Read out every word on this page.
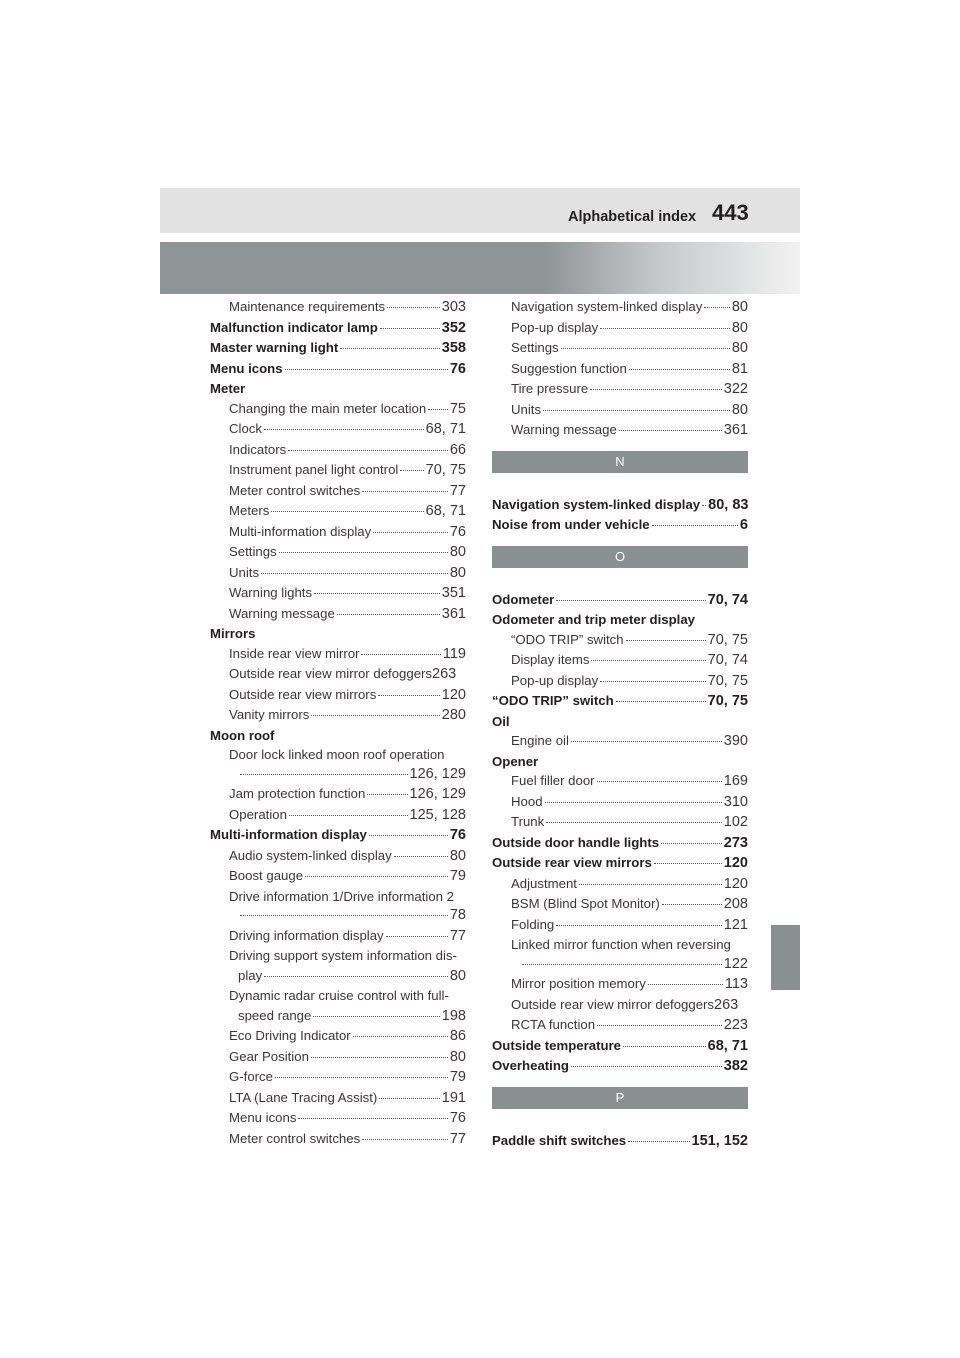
Alphabetical index 443
Maintenance requirements	303
Malfunction indicator lamp	352
Master warning light	358
Menu icons	76
Meter
Changing the main meter location 75
Clock	68, 71
Indicators	66
Instrument panel light control 70, 75
Meter control switches	77
Meters	68, 71
Multi-information display	76
Settings	80
Units	80
Warning lights	351
Warning message	361
Mirrors
Inside rear view mirror	119
Outside rear view mirror defoggers 263
Outside rear view mirrors	120
Vanity mirrors	280
Moon roof
Door lock linked moon roof operation
126, 129
Jam protection function	126, 129
Operation	125, 128
Multi-information display	76
Audio system-linked display	80
Boost gauge	79
Drive information 1/Drive information 2
78
Driving information display	77
Driving support system information dis-
play	80
Dynamic radar cruise control with full-
speed range	198
Eco Driving Indicator	86
Gear Position	80
G-force	79
LTA (Lane Tracing Assist)	191
Menu icons	76
Meter control switches	77
Navigation system-linked display 80
Pop-up display	80
Settings	80
Suggestion function	81
Tire pressure	322
Units	80
Warning message	361
N
Navigation system-linked display 80, 83
Noise from under vehicle	6
O
Odometer	70, 74
Odometer and trip meter display
“ODO TRIP” switch	70, 75
Display items	70, 74
Pop-up display	70, 75
“ODO TRIP” switch	70, 75
Oil
Engine oil	390
Opener
Fuel filler door	169
Hood	310
Trunk	102
Outside door handle lights	273
Outside rear view mirrors	120
Adjustment	120
BSM (Blind Spot Monitor)	208
Folding	121
Linked mirror function when reversing
122
Mirror position memory	113
Outside rear view mirror defoggers 263
RCTA function	223
Outside temperature	68, 71
Overheating	382
P
Paddle shift switches	151, 152
